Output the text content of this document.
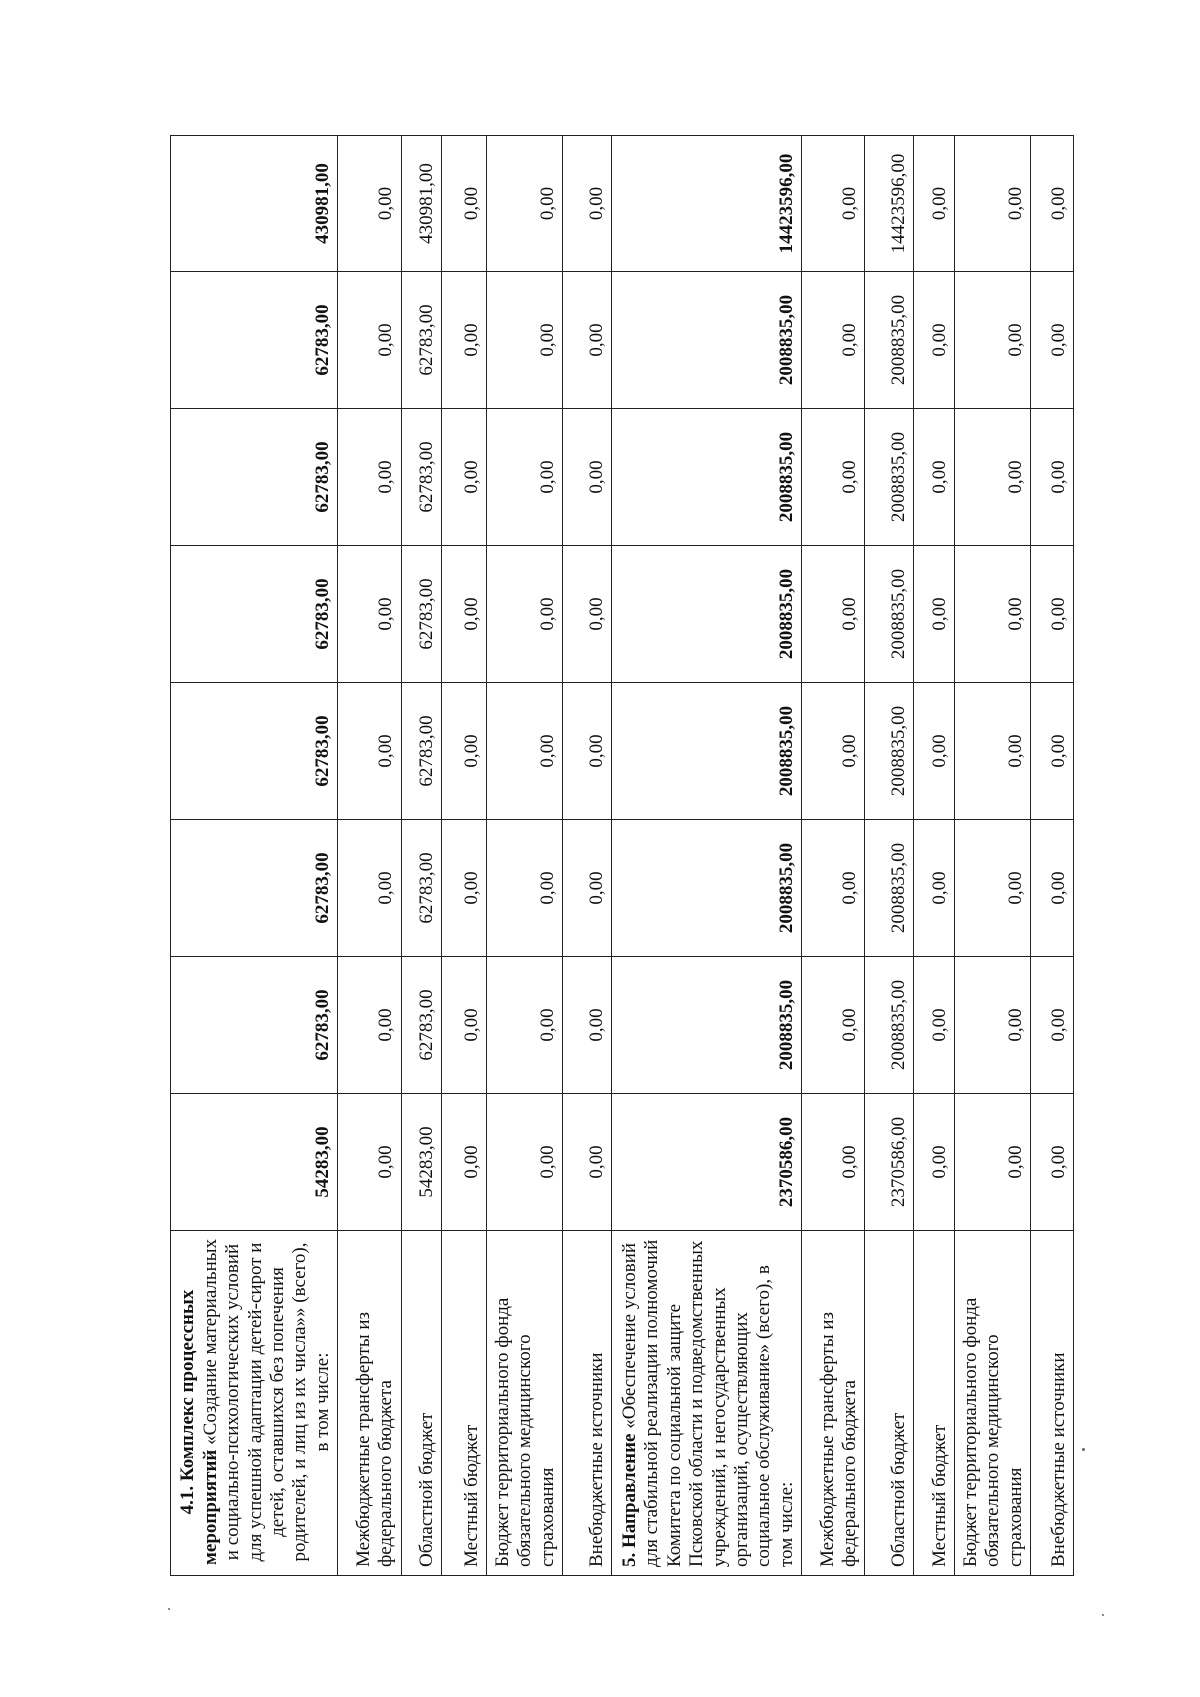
4.1. Комплекс процессных мероприятий «Создание материальных и социально-психологических условий для успешной адаптации детей-сирот и детей, оставшихся без попечения родителей, и лиц из их числа»» (всего), в том числе:	54283,00	62783,00	62783,00	62783,00	62783,00	62783,00	62783,00	430981,00
Межбюджетные трансферты из федерального бюджета	0,00	0,00	0,00	0,00	0,00	0,00	0,00	0,00
Областной бюджет	54283,00	62783,00	62783,00	62783,00	62783,00	62783,00	62783,00	430981,00
Местный бюджет	0,00	0,00	0,00	0,00	0,00	0,00	0,00	0,00
Бюджет территориального фонда обязательного медицинского страхования	0,00	0,00	0,00	0,00	0,00	0,00	0,00	0,00
Внебюджетные источники	0,00	0,00	0,00	0,00	0,00	0,00	0,00	0,00
5. Направление «Обеспечение условий для стабильной реализации полномочий Комитета по социальной защите Псковской области и подведомственных учреждений, и негосударственных организаций, осуществляющих социальное обслуживание» (всего), в том числе:	2370586,00	2008835,00	2008835,00	2008835,00	2008835,00	2008835,00	2008835,00	14423596,00
Межбюджетные трансферты из федерального бюджета	0,00	0,00	0,00	0,00	0,00	0,00	0,00	0,00
Областной бюджет	2370586,00	2008835,00	2008835,00	2008835,00	2008835,00	2008835,00	2008835,00	14423596,00
Местный бюджет	0,00	0,00	0,00	0,00	0,00	0,00	0,00	0,00
Бюджет территориального фонда обязательного медицинского страхования	0,00	0,00	0,00	0,00	0,00	0,00	0,00	0,00
Внебюджетные источники	0,00	0,00	0,00	0,00	0,00	0,00	0,00	0,00
